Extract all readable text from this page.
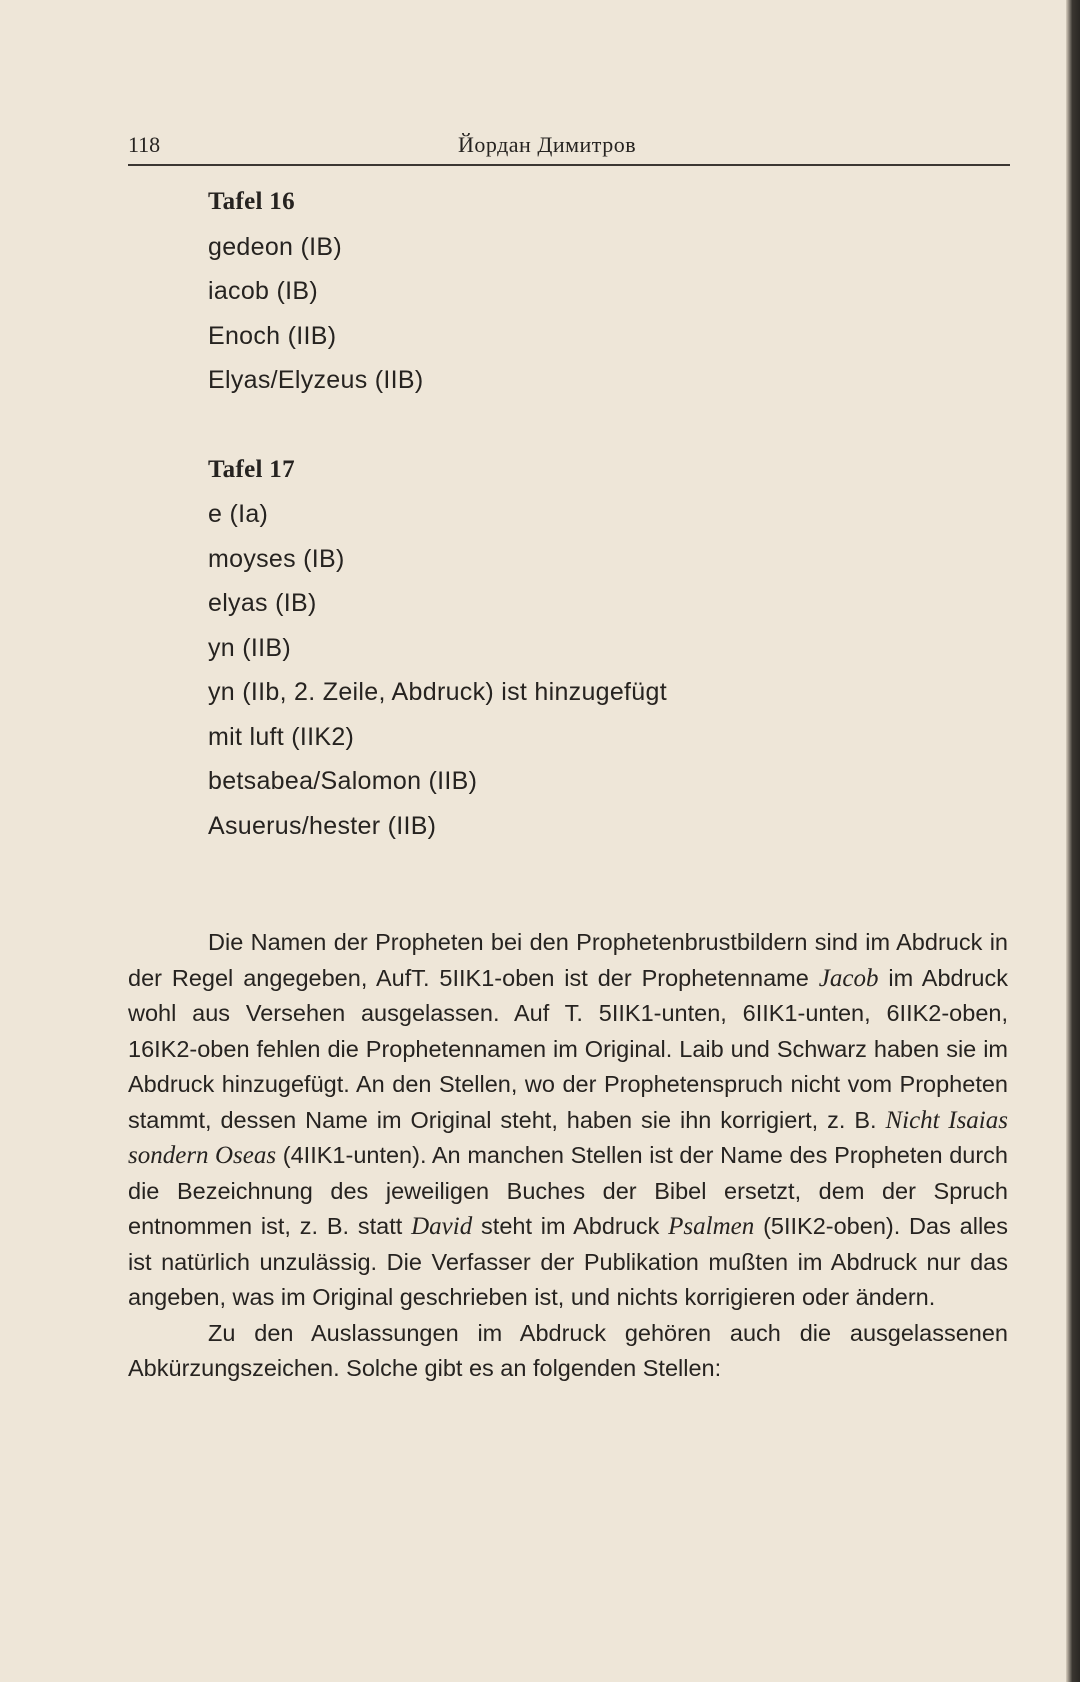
118	Йордан Димитров
Tafel 16
gedeon (IB)
iacob (IB)
Enoch (IIB)
Elyas/Elyzeus (IIB)
Tafel 17
e (Ia)
moyses (IB)
elyas (IB)
yn (IIB)
yn (IIb, 2. Zeile, Abdruck) ist hinzugefügt
mit luft (IIK2)
betsabea/Salomon (IIB)
Asuerus/hester (IIB)

Die Namen der Propheten bei den Prophetenbrustbildern sind im Abdruck in der Regel angegeben, AufT. 5IIK1-oben ist der Prophetenname Jacob im Abdruck wohl aus Versehen ausgelassen. Auf T. 5IIK1-unten, 6IIK1-unten, 6IIK2-oben, 16IK2-oben fehlen die Prophetennamen im Original. Laib und Schwarz haben sie im Abdruck hinzugefügt. An den Stellen, wo der Prophetenspruch nicht vom Propheten stammt, dessen Name im Original steht, haben sie ihn korrigiert, z. B. Nicht Isaias sondern Oseas (4IIK1-unten). An manchen Stellen ist der Name des Propheten durch die Bezeichnung des jeweiligen Buches der Bibel ersetzt, dem der Spruch entnommen ist, z. B. statt David steht im Abdruck Psalmen (5IIK2-oben). Das alles ist natürlich unzulässig. Die Verfasser der Publikation mußten im Abdruck nur das angeben, was im Original geschrieben ist, und nichts korrigieren oder ändern.

Zu den Auslassungen im Abdruck gehören auch die ausgelassenen Abkürzungszeichen. Solche gibt es an folgenden Stellen:
